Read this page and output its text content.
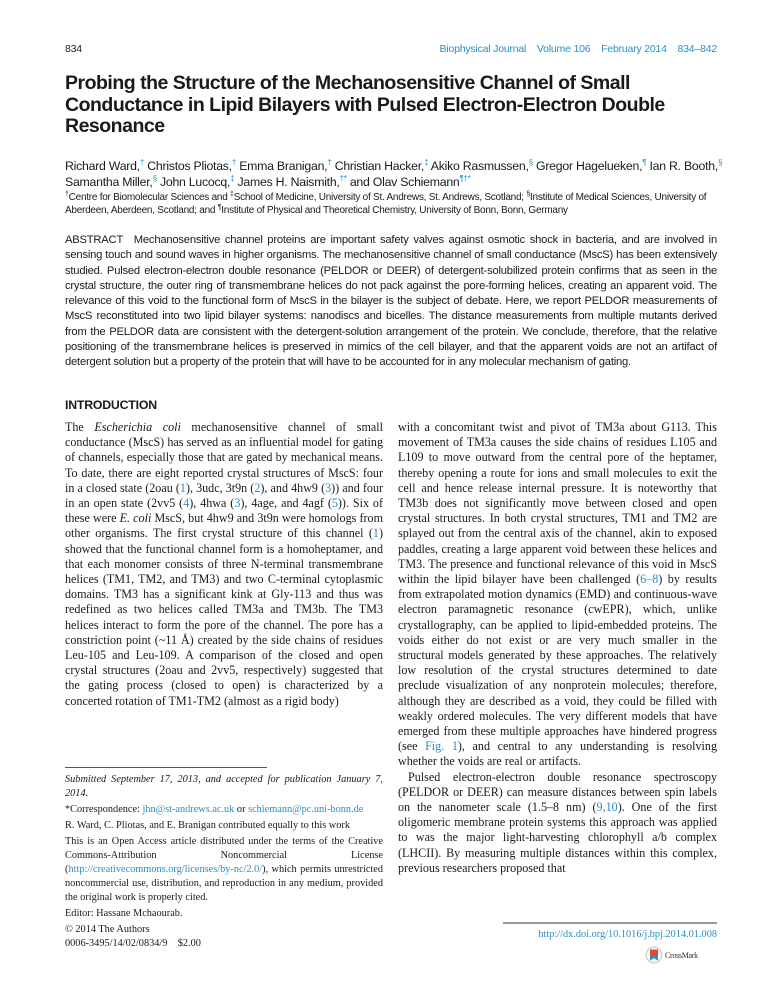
834	Biophysical Journal Volume 106 February 2014 834–842
Probing the Structure of the Mechanosensitive Channel of Small Conductance in Lipid Bilayers with Pulsed Electron-Electron Double Resonance

Richard Ward,† Christos Pliotas,† Emma Branigan,† Christian Hacker,‡ Akiko Rasmussen,§ Gregor Hagelueken,¶ Ian R. Booth,§ Samantha Miller,§ John Lucocq,‡ James H. Naismith,†* and Olav Schiemann¶†*

†Centre for Biomolecular Sciences and ‡School of Medicine, University of St. Andrews, St. Andrews, Scotland; §Institute of Medical Sciences, University of Aberdeen, Aberdeen, Scotland; and ¶Institute of Physical and Theoretical Chemistry, University of Bonn, Bonn, Germany

ABSTRACT Mechanosensitive channel proteins are important safety valves against osmotic shock in bacteria, and are involved in sensing touch and sound waves in higher organisms. The mechanosensitive channel of small conductance (MscS) has been extensively studied. Pulsed electron-electron double resonance (PELDOR or DEER) of detergent-solubilized protein confirms that as seen in the crystal structure, the outer ring of transmembrane helices do not pack against the pore-forming helices, creating an apparent void. The relevance of this void to the functional form of MscS in the bilayer is the subject of debate. Here, we report PELDOR measurements of MscS reconstituted into two lipid bilayer systems: nanodiscs and bicelles. The distance measurements from multiple mutants derived from the PELDOR data are consistent with the detergent-solution arrangement of the protein. We conclude, therefore, that the relative positioning of the transmembrane helices is preserved in mimics of the cell bilayer, and that the apparent voids are not an artifact of detergent solution but a property of the protein that will have to be accounted for in any molecular mechanism of gating.

INTRODUCTION

The Escherichia coli mechanosensitive channel of small conductance (MscS) has served as an influential model for gating of channels, especially those that are gated by mechanical means. To date, there are eight reported crystal structures of MscS: four in a closed state (2oau (1), 3udc, 3t9n (2), and 4hw9 (3)) and four in an open state (2vv5 (4), 4hwa (3), 4age, and 4agf (5)). Six of these were E. coli MscS, but 4hw9 and 3t9n were homologs from other organisms. The first crystal structure of this channel (1) showed that the functional channel form is a homoheptamer, and that each monomer consists of three N-terminal transmembrane helices (TM1, TM2, and TM3) and two C-terminal cytoplasmic domains. TM3 has a significant kink at Gly-113 and thus was redefined as two helices called TM3a and TM3b. The TM3 helices interact to form the pore of the channel. The pore has a constriction point (~11 Å) created by the side chains of residues Leu-105 and Leu-109. A comparison of the closed and open crystal structures (2oau and 2vv5, respectively) suggested that the gating process (closed to open) is characterized by a concerted rotation of TM1-TM2 (almost as a rigid body)

Submitted September 17, 2013, and accepted for publication January 7, 2014.

*Correspondence: jhn@st-andrews.ac.uk or schiemann@pc.uni-bonn.de

R. Ward, C. Pliotas, and E. Branigan contributed equally to this work

This is an Open Access article distributed under the terms of the Creative Commons-Attribution Noncommercial License (http://creativecommons.org/licenses/by-nc/2.0/), which permits unrestricted noncommercial use, distribution, and reproduction in any medium, provided the original work is properly cited.

Editor: Hassane Mchaourab.

© 2014 The Authors

0006-3495/14/02/0834/9 $2.00

with a concomitant twist and pivot of TM3a about G113. This movement of TM3a causes the side chains of residues L105 and L109 to move outward from the central pore of the heptamer, thereby opening a route for ions and small molecules to exit the cell and hence release internal pressure. It is noteworthy that TM3b does not significantly move between closed and open crystal structures. In both crystal structures, TM1 and TM2 are splayed out from the central axis of the channel, akin to exposed paddles, creating a large apparent void between these helices and TM3. The presence and functional relevance of this void in MscS within the lipid bilayer have been challenged (6–8) by results from extrapolated motion dynamics (EMD) and continuous-wave electron paramagnetic resonance (cwEPR), which, unlike crystallography, can be applied to lipid-embedded proteins. The voids either do not exist or are very much smaller in the structural models generated by these approaches. The relatively low resolution of the crystal structures determined to date preclude visualization of any nonprotein molecules; therefore, although they are described as a void, they could be filled with weakly ordered molecules. The very different models that have emerged from these multiple approaches have hindered progress (see Fig. 1), and central to any understanding is resolving whether the voids are real or artifacts.

Pulsed electron-electron double resonance spectroscopy (PELDOR or DEER) can measure distances between spin labels on the nanometer scale (1.5–8 nm) (9,10). One of the first oligomeric membrane protein systems this approach was applied to was the major light-harvesting chlorophyll a/b complex (LHCII). By measuring multiple distances within this complex, previous researchers proposed that

http://dx.doi.org/10.1016/j.bpj.2014.01.008
CrossMark
